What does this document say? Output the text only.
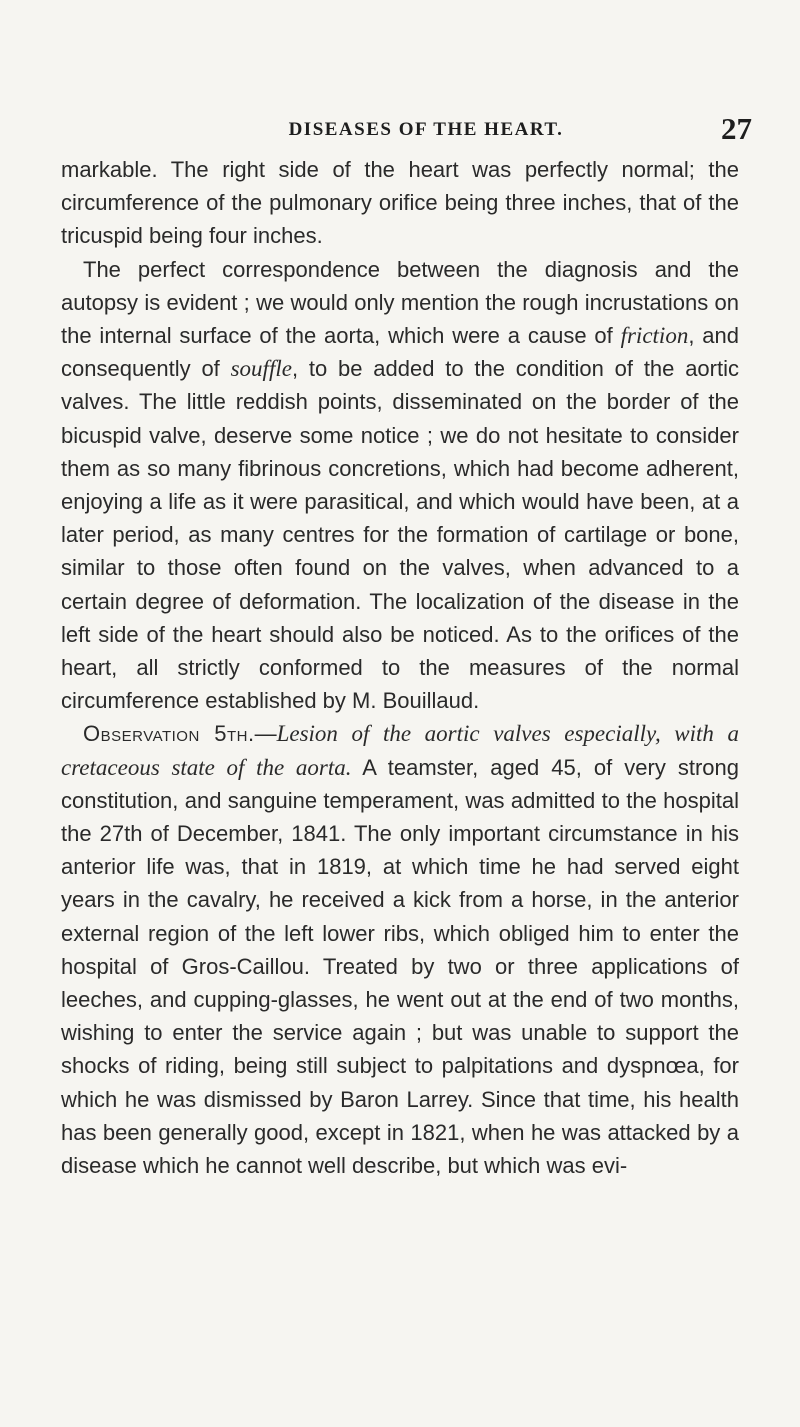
DISEASES OF THE HEART.	27

markable. The right side of the heart was perfectly normal; the circumference of the pulmonary orifice being three inches, that of the tricuspid being four inches.

The perfect correspondence between the diagnosis and the autopsy is evident ; we would only mention the rough incrustations on the internal surface of the aorta, which were a cause of friction, and consequently of souffle, to be added to the condition of the aortic valves. The little reddish points, disseminated on the border of the bicuspid valve, deserve some notice ; we do not hesitate to consider them as so many fibrinous concretions, which had become adherent, enjoying a life as it were parasitical, and which would have been, at a later period, as many centres for the formation of cartilage or bone, similar to those often found on the valves, when advanced to a certain degree of deformation. The localization of the disease in the left side of the heart should also be noticed. As to the orifices of the heart, all strictly conformed to the measures of the normal circumference established by M. Bouillaud.

Observation 5th.—Lesion of the aortic valves especially, with a cretaceous state of the aorta. A teamster, aged 45, of very strong constitution, and sanguine temperament, was admitted to the hospital the 27th of December, 1841. The only important circumstance in his anterior life was, that in 1819, at which time he had served eight years in the cavalry, he received a kick from a horse, in the anterior external region of the left lower ribs, which obliged him to enter the hospital of Gros-Caillou. Treated by two or three applications of leeches, and cupping-glasses, he went out at the end of two months, wishing to enter the service again ; but was unable to support the shocks of riding, being still subject to palpitations and dyspnœa, for which he was dismissed by Baron Larrey. Since that time, his health has been generally good, except in 1821, when he was attacked by a disease which he cannot well describe, but which was evi-
